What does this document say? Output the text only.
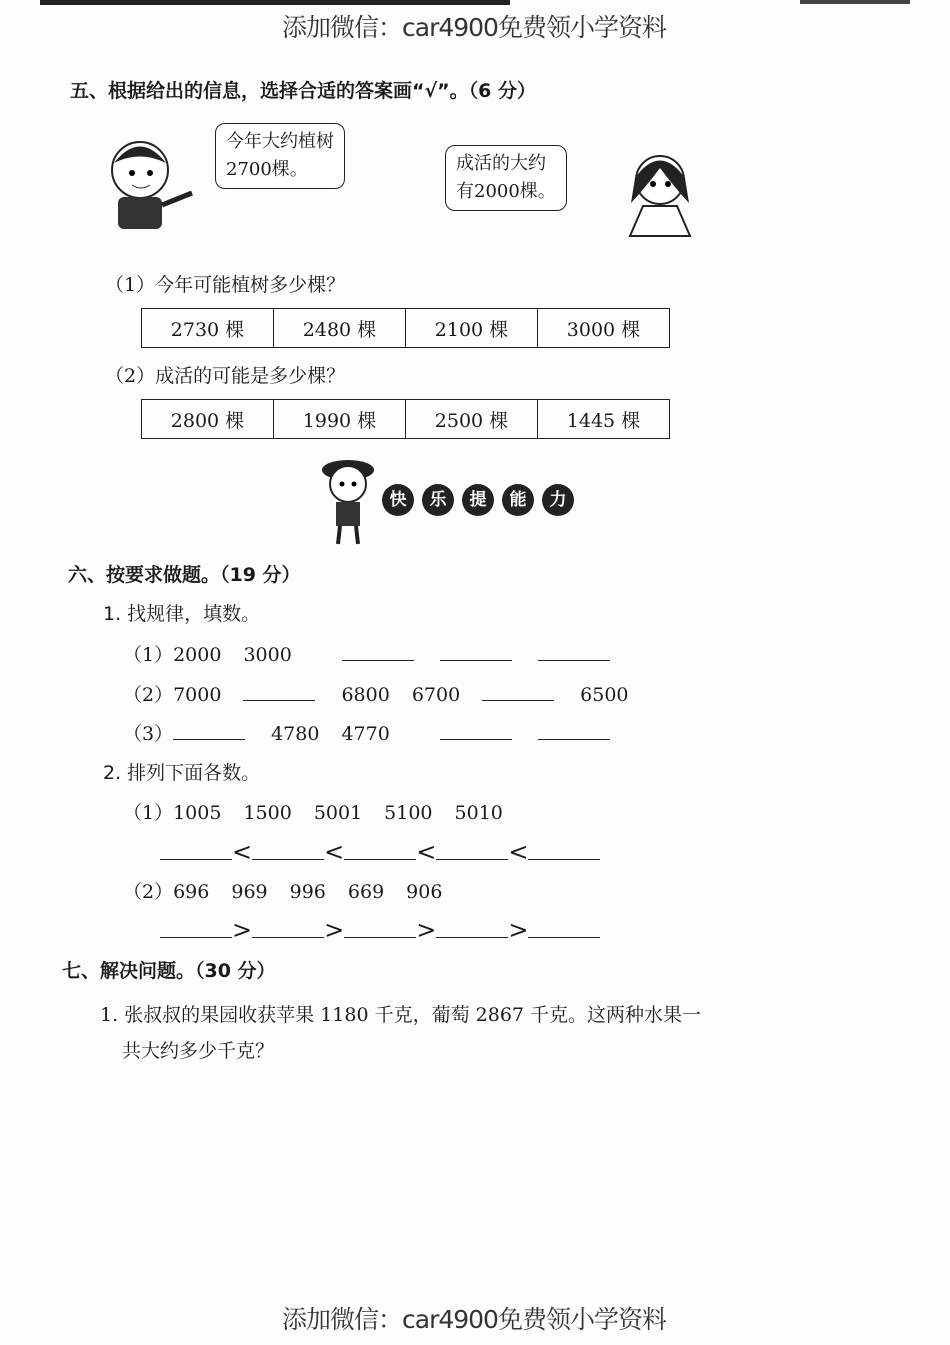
添加微信：car4900免费领小学资料
五、根据给出的信息，选择合适的答案画“√”。（6 分）
今年大约植树
2700棵。	成活的大约
有2000棵。
（1）今年可能植树多少棵？
2730 棵	2480 棵	2100 棵	3000 棵
（2）成活的可能是多少棵？
2800 棵	1990 棵	2500 棵	1445 棵
快 乐 提 能 力
六、按要求做题。（19 分）
1. 找规律，填数。
（1）2000 3000
（2）7000	6800 6700	6500
（3）	4780 4770
2. 排列下面各数。
（1）1005 1500 5001 5100 5010
<	<	<	<
（2）696 969 996 669 906
>	>	>	>
七、解决问题。（30 分）
1. 张叔叔的果园收获苹果 1180 千克，葡萄 2867 千克。这两种水果一
共大约多少千克？
添加微信：car4900免费领小学资料
